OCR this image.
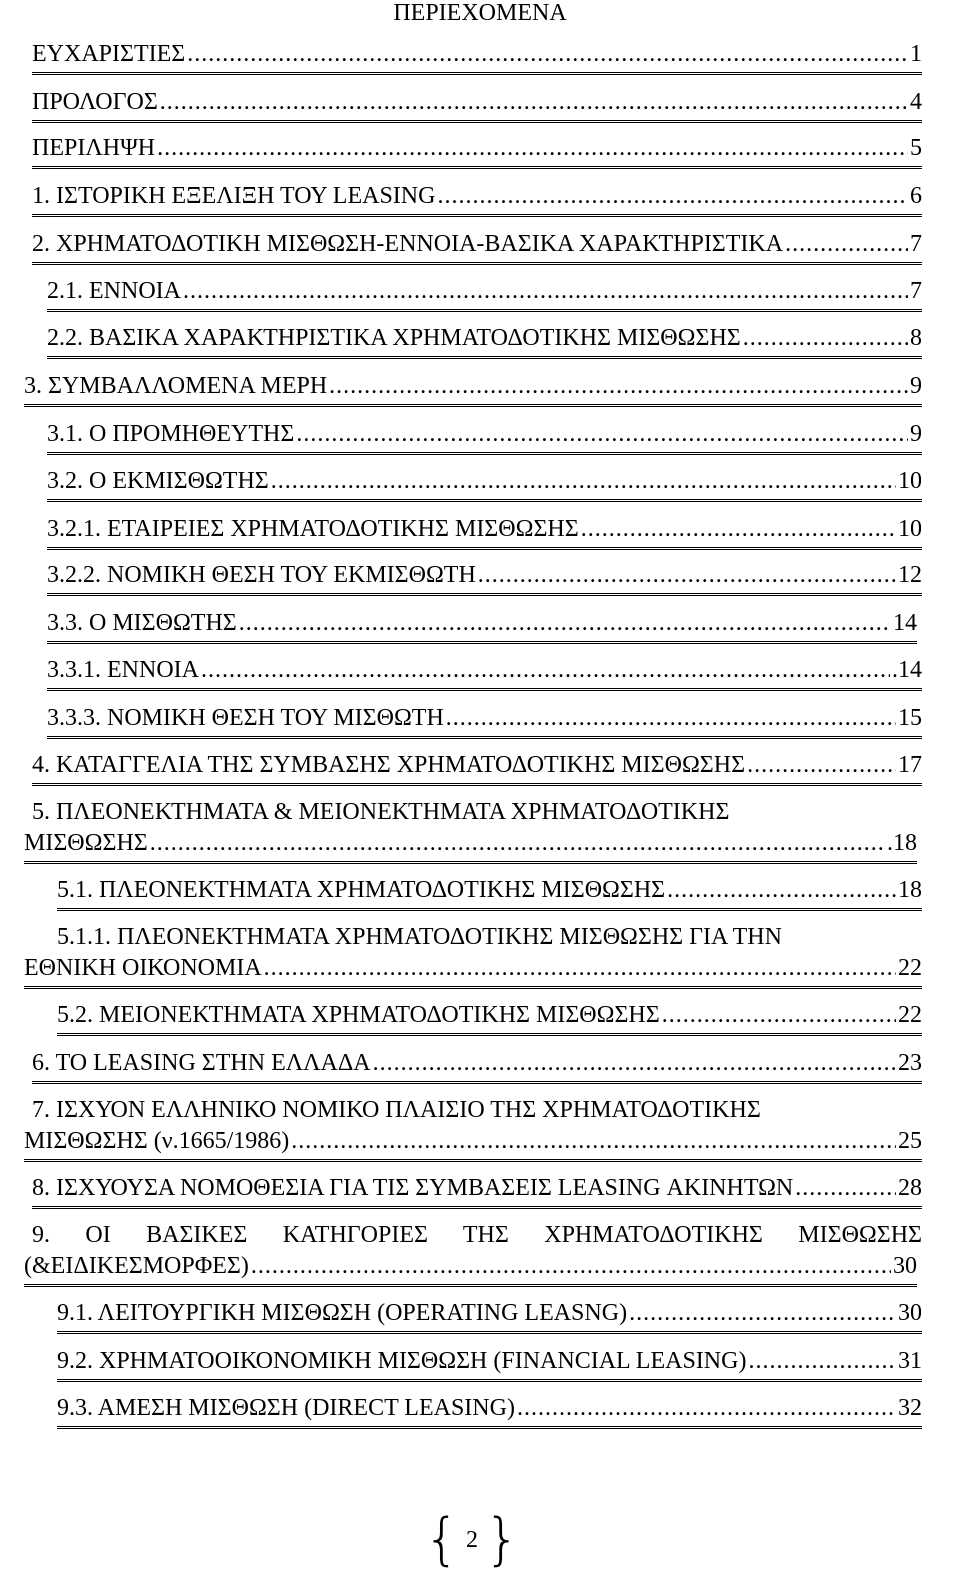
ΠΕΡΙΕΧΟΜΕΝΑ
ΕΥΧΑΡΙΣΤΙΕΣ .....	1
ΠΡΟΛΟΓΟΣ .....	4
ΠΕΡΙΛΗΨΗ .....	5
1. ΙΣΤΟΡΙΚΗ ΕΞΕΛΙΞΗ ΤΟΥ LEASING .....	6
2. ΧΡΗΜΑΤΟΔΟΤΙΚΗ ΜΙΣΘΩΣΗ-ΕΝΝΟΙΑ-ΒΑΣΙΚΑ ΧΑΡΑΚΤΗΡΙΣΤΙΚΑ .....	7
2.1. ΕΝΝΟΙΑ .....	7
2.2. ΒΑΣΙΚΑ ΧΑΡΑΚΤΗΡΙΣΤΙΚΑ ΧΡΗΜΑΤΟΔΟΤΙΚΗΣ ΜΙΣΘΩΣΗΣ .....	8
3. ΣΥΜΒΑΛΛΟΜΕΝΑ ΜΕΡΗ .....	9
3.1. Ο ΠΡΟΜΗΘΕΥΤΗΣ .....	9
3.2. Ο ΕΚΜΙΣΘΩΤΗΣ .....	10
3.2.1. ΕΤΑΙΡΕΙΕΣ ΧΡΗΜΑΤΟΔΟΤΙΚΗΣ ΜΙΣΘΩΣΗΣ .....	10
3.2.2. ΝΟΜΙΚΗ ΘΕΣΗ ΤΟΥ ΕΚΜΙΣΘΩΤΗ .....	12
3.3. Ο ΜΙΣΘΩΤΗΣ .....	14
3.3.1. ΕΝΝΟΙΑ .....	.14
3.3.3. ΝΟΜΙΚΗ ΘΕΣΗ ΤΟΥ ΜΙΣΘΩΤΗ .....	15
4. ΚΑΤΑΓΓΕΛΙΑ ΤΗΣ ΣΥΜΒΑΣΗΣ ΧΡΗΜΑΤΟΔΟΤΙΚΗΣ ΜΙΣΘΩΣΗΣ .....	17
5. ΠΛΕΟΝΕΚΤΗΜΑΤΑ & ΜΕΙΟΝΕΚΤΗΜΑΤΑ ΧΡΗΜΑΤΟΔΟΤΙΚΗΣ
ΜΙΣΘΩΣΗΣ .....	.18
5.1. ΠΛΕΟΝΕΚΤΗΜΑΤΑ ΧΡΗΜΑΤΟΔΟΤΙΚΗΣ ΜΙΣΘΩΣΗΣ .....	18
5.1.1. ΠΛΕΟΝΕΚΤΗΜΑΤΑ ΧΡΗΜΑΤΟΔΟΤΙΚΗΣ ΜΙΣΘΩΣΗΣ ΓΙΑ ΤΗΝ
ΕΘΝΙΚΗ ΟΙΚΟΝΟΜΙΑ .....	22
5.2. ΜΕΙΟΝΕΚΤΗΜΑΤΑ ΧΡΗΜΑΤΟΔΟΤΙΚΗΣ ΜΙΣΘΩΣΗΣ .....	22
6. ΤΟ LEASING ΣΤΗΝ ΕΛΛΑΔΑ .....	23
7. ΙΣΧΥΟΝ ΕΛΛΗΝΙΚΟ ΝΟΜΙΚΟ ΠΛΑΙΣΙΟ ΤΗΣ ΧΡΗΜΑΤΟΔΟΤΙΚΗΣ
ΜΙΣΘΩΣΗΣ (ν.1665/1986) .....	25
8. ΙΣΧΥΟΥΣΑ ΝΟΜΟΘΕΣΙΑ ΓΙΑ ΤΙΣ ΣΥΜΒΑΣΕΙΣ LEASING ΑΚΙΝΗΤΩΝ .....	28
9. ΟΙ ΒΑΣΙΚΕΣ ΚΑΤΗΓΟΡΙΕΣ ΤΗΣ ΧΡΗΜΑΤΟΔΟΤΙΚΗΣ ΜΙΣΘΩΣΗΣ
(&ΕΙΔΙΚΕΣΜΟΡΦΕΣ) .....	30
9.1. ΛΕΙΤΟΥΡΓΙΚΗ ΜΙΣΘΩΣΗ (OPERATING LEASNG) .....	30
9.2. ΧΡΗΜΑΤΟΟΙΚΟΝΟΜΙΚΗ ΜΙΣΘΩΣΗ (FINANCIAL LEASING) .....	31
9.3. ΑΜΕΣΗ ΜΙΣΘΩΣΗ (DIRECT LEASING) .....	32
{ 2 }
